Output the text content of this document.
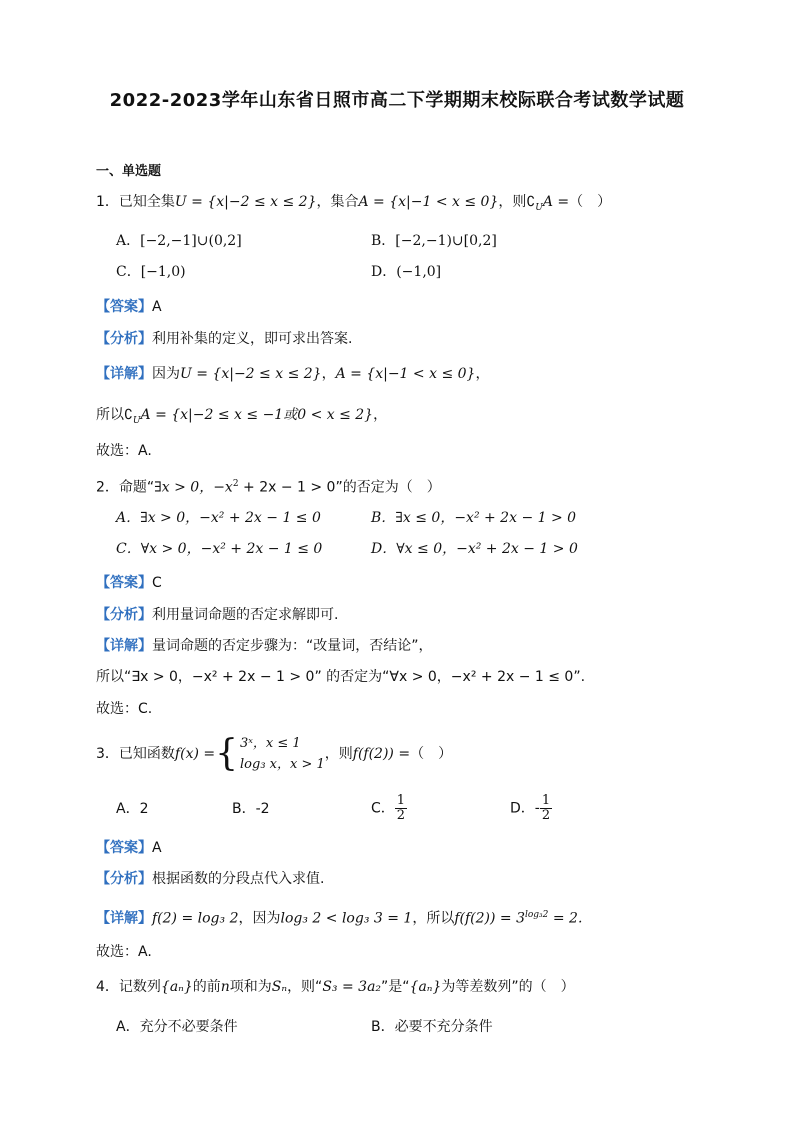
2022-2023学年山东省日照市高二下学期期末校际联合考试数学试题
一、单选题
1．已知全集U = {x|−2 ≤ x ≤ 2}，集合A = {x|−1 < x ≤ 0}，则$∁_UA$ =（　）
A．[−2,−1]∪(0,2]	B．[−2,−1)∪[0,2]
C．[−1,0)	D．(−1,0]
【答案】A
【分析】利用补集的定义，即可求出答案.
【详解】因为U = {x|−2 ≤ x ≤ 2}，A = {x|−1 < x ≤ 0}，
所以$∁_UA = \{x|-2 \le x \le -1$或0 < x ≤ 2}，
故选：A.
2．命题“∃x > 0，$-x^2 + 2x - 1 > 0$”的否定为（　）
A．∃x > 0，−x² + 2x − 1 ≤ 0	B．∃x ≤ 0，−x² + 2x − 1 > 0
C．∀x > 0，−x² + 2x − 1 ≤ 0	D．∀x ≤ 0，−x² + 2x − 1 > 0
【答案】C
【分析】利用量词命题的否定求解即可.
【详解】量词命题的否定步骤为：“改量词，否结论”，
所以“∃x > 0，−x² + 2x − 1 > 0” 的否定为“∀x > 0，−x² + 2x − 1 ≤ 0”.
故选：C.
3．已知函数f(x) ={ 3ˣ，x ≤ 1
log₃ x，x > 1
，则f(f(2)) =（　）
A．2	B．-2	C． $\frac{1}{2}$	D．- $\frac{1}{2}$
【答案】A
【分析】根据函数的分段点代入求值.
【详解】f(2) = log₃ 2，因为log₃ 2 < log₃ 3 = 1，所以$f(f(2)) = 3^{log_32} = 2$.
故选：A.
4．记数列{aₙ}的前n项和为Sₙ，则“S₃ = 3a₂”是“{aₙ}为等差数列”的（　）
A．充分不必要条件	B．必要不充分条件
